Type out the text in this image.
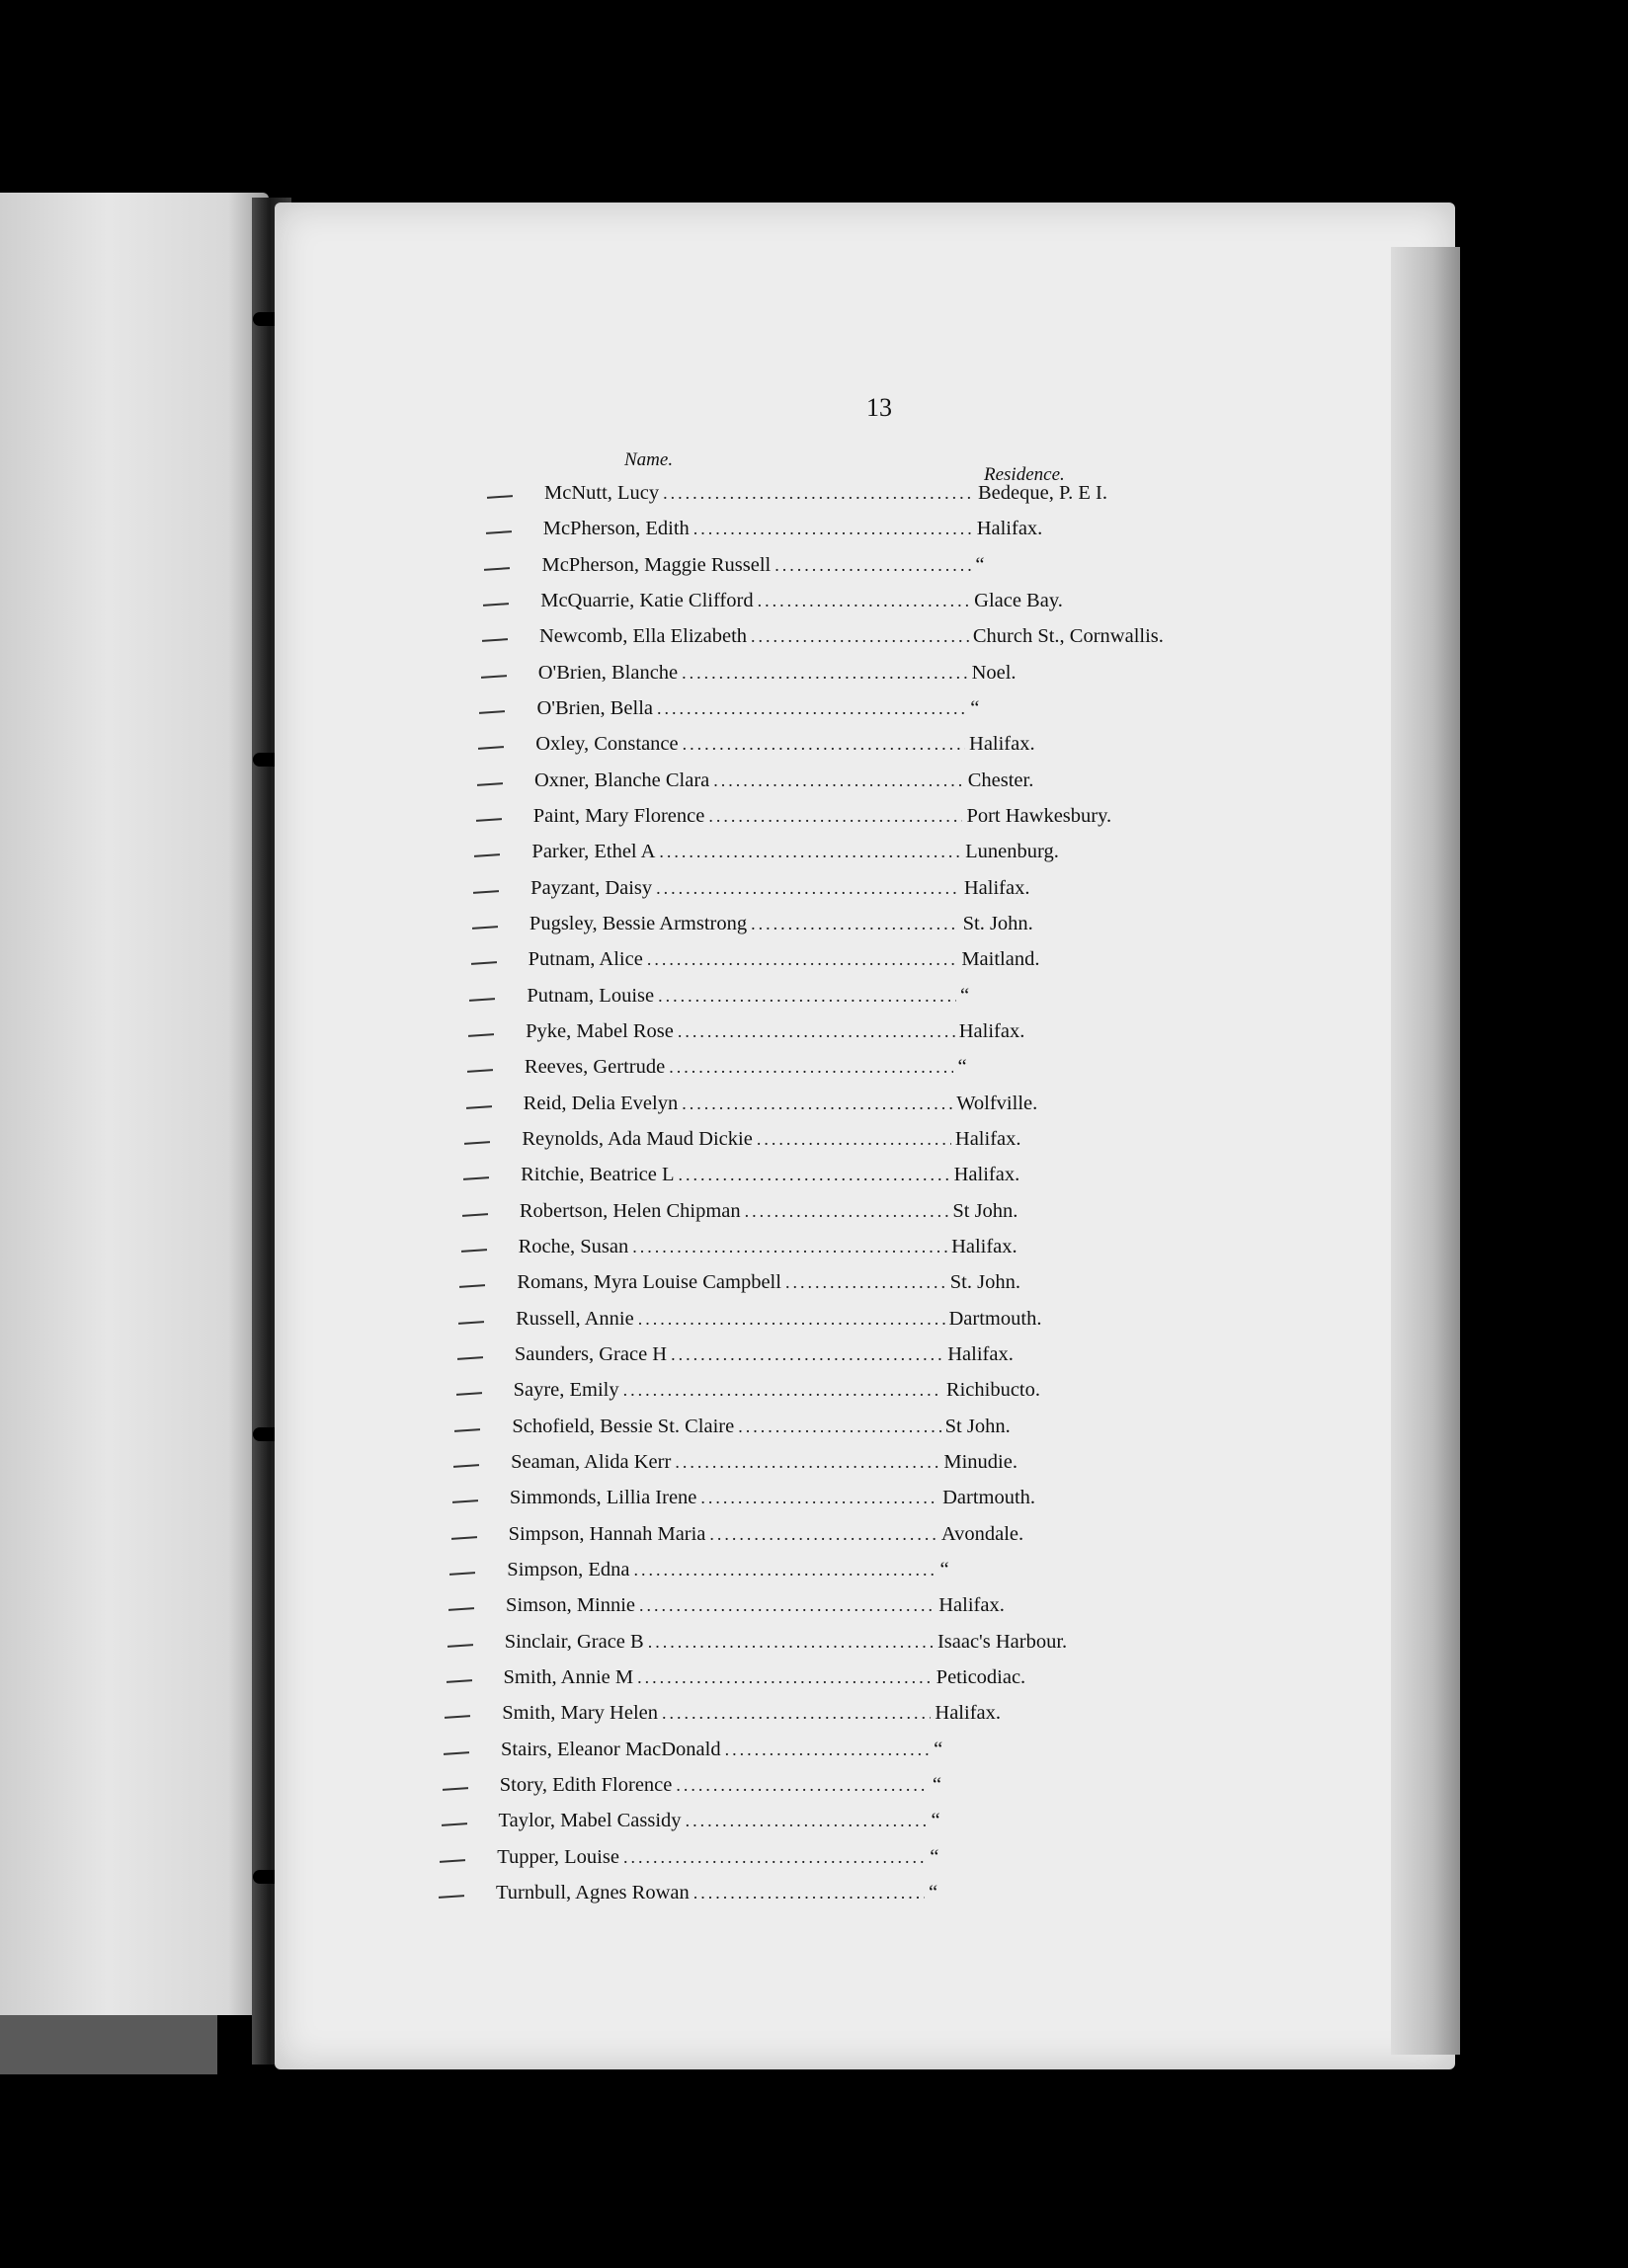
13
Name.
Residence.
McNutt, Lucy .....	Bedeque, P. E I.
McPherson, Edith .....	Halifax.
McPherson, Maggie Russell .....	“
McQuarrie, Katie Clifford .....	Glace Bay.
Newcomb, Ella Elizabeth .....	Church St., Cornwallis.
O'Brien, Blanche .....	Noel.
O'Brien, Bella .....	“
Oxley, Constance .....	Halifax.
Oxner, Blanche Clara .....	Chester.
Paint, Mary Florence .....	Port Hawkesbury.
Parker, Ethel A .....	Lunenburg.
Payzant, Daisy .....	Halifax.
Pugsley, Bessie Armstrong .....	St. John.
Putnam, Alice .....	Maitland.
Putnam, Louise .....	“
Pyke, Mabel Rose .....	Halifax.
Reeves, Gertrude .....	“
Reid, Delia Evelyn .....	Wolfville.
Reynolds, Ada Maud Dickie .....	Halifax.
Ritchie, Beatrice L .....	Halifax.
Robertson, Helen Chipman .....	St John.
Roche, Susan .....	Halifax.
Romans, Myra Louise Campbell .....	St. John.
Russell, Annie .....	Dartmouth.
Saunders, Grace H .....	Halifax.
Sayre, Emily .....	Richibucto.
Schofield, Bessie St. Claire .....	St John.
Seaman, Alida Kerr .....	Minudie.
Simmonds, Lillia Irene .....	Dartmouth.
Simpson, Hannah Maria .....	Avondale.
Simpson, Edna .....	“
Simson, Minnie .....	Halifax.
Sinclair, Grace B .....	Isaac's Harbour.
Smith, Annie M .....	Peticodiac.
Smith, Mary Helen .....	Halifax.
Stairs, Eleanor MacDonald .....	“
Story, Edith Florence .....	“
Taylor, Mabel Cassidy .....	“
Tupper, Louise .....	“
Turnbull, Agnes Rowan .....	“
